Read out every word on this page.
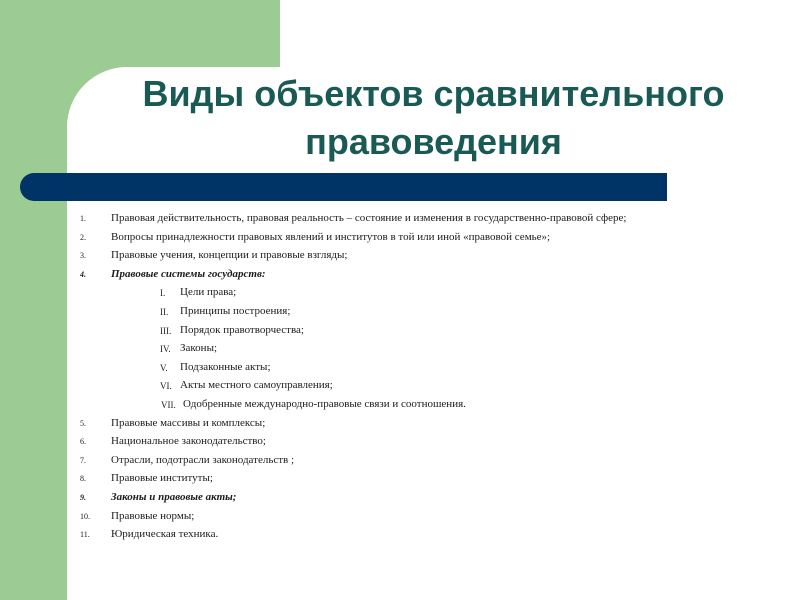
Виды объектов сравнительного
правоведения
1. Правовая действительность, правовая реальность – состояние и изменения в государственно-правовой сфере;
2. Вопросы принадлежности правовых явлений и институтов в той или иной «правовой семье»;
3. Правовые учения, концепции и правовые взгляды;
4. Правовые системы государств:
I. Цели права;
II. Принципы построения;
III. Порядок правотворчества;
IV. Законы;
V. Подзаконные акты;
VI. Акты местного самоуправления;
VII. Одобренные международно-правовые связи и соотношения.
5. Правовые массивы и комплексы;
6. Национальное законодательство;
7. Отрасли, подотрасли законодательств ;
8. Правовые институты;
9. Законы и правовые акты;
10. Правовые нормы;
11. Юридическая техника.
